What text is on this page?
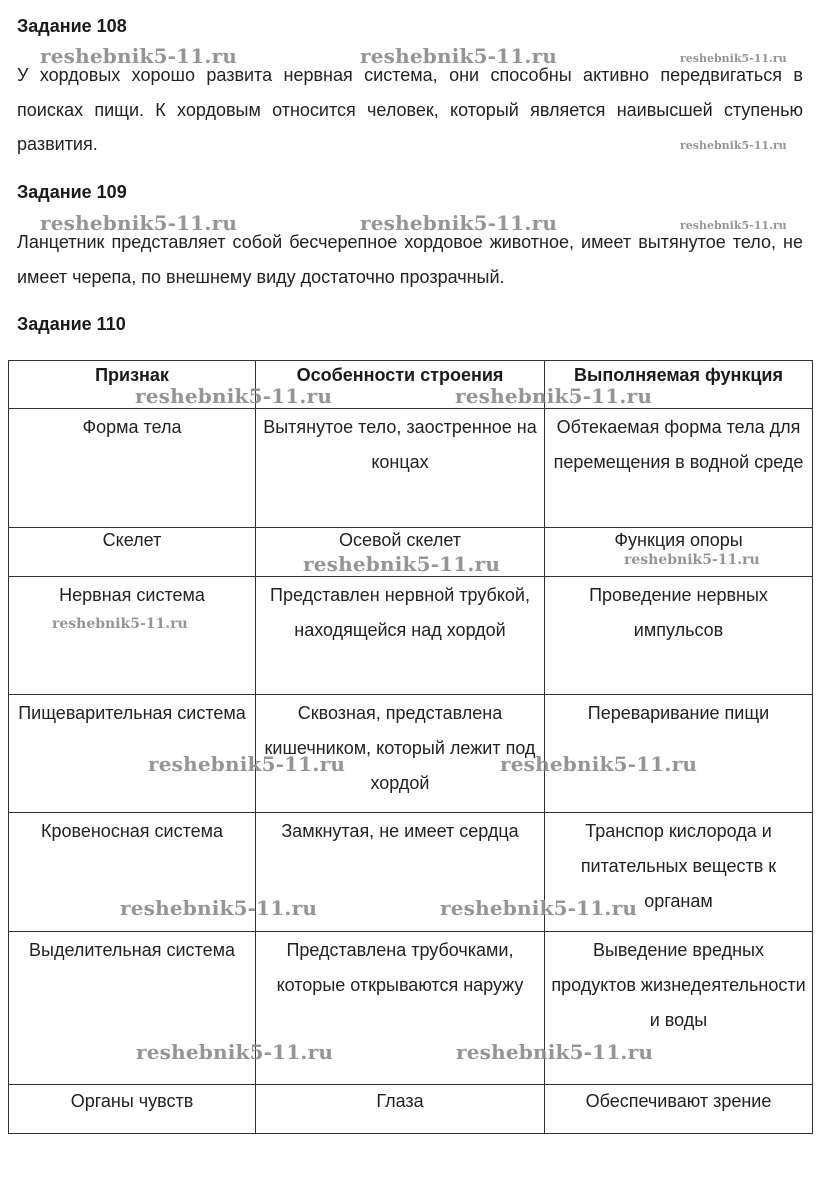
Задание 108
reshebnik5-11.ru	reshebnik5-11.ru	reshebnik5-11.ru

У хордовых хорошо развита нервная система, они способны активно передвигаться в поисках пищи. К хордовым относится человек, который является наивысшей ступенью развития.	reshebnik5-11.ru
Задание 109
reshebnik5-11.ru	reshebnik5-11.ru	reshebnik5-11.ru

Ланцетник представляет собой бесчерепное хордовое животное, имеет вытянутое тело, не имеет черепа, по внешнему виду достаточно прозрачный.

Задание 110
Признак	Особенности строения	Выполняемая функция
Форма тела	Вытянутое тело, заостренное на концах	Обтекаемая форма тела для перемещения в водной среде
Скелет	Осевой скелет	Функция опоры
Нервная система	Представлен нервной трубкой, находящейся над хордой	Проведение нервных импульсов
Пищеварительная система	Сквозная, представлена кишечником, который лежит под хордой	Переваривание пищи
Кровеносная система	Замкнутая, не имеет сердца	Транспор кислорода и питательных веществ к органам
Выделительная система	Представлена трубочками, которые открываются наружу	Выведение вредных продуктов жизнедеятельности и воды
Органы чувств	Глаза	Обеспечивают зрение
reshebnik5-11.ru	reshebnik5-11.ru
reshebnik5-11.ru	reshebnik5-11.ru
reshebnik5-11.ru
reshebnik5-11.ru	reshebnik5-11.ru
reshebnik5-11.ru	reshebnik5-11.ru
reshebnik5-11.ru	reshebnik5-11.ru
